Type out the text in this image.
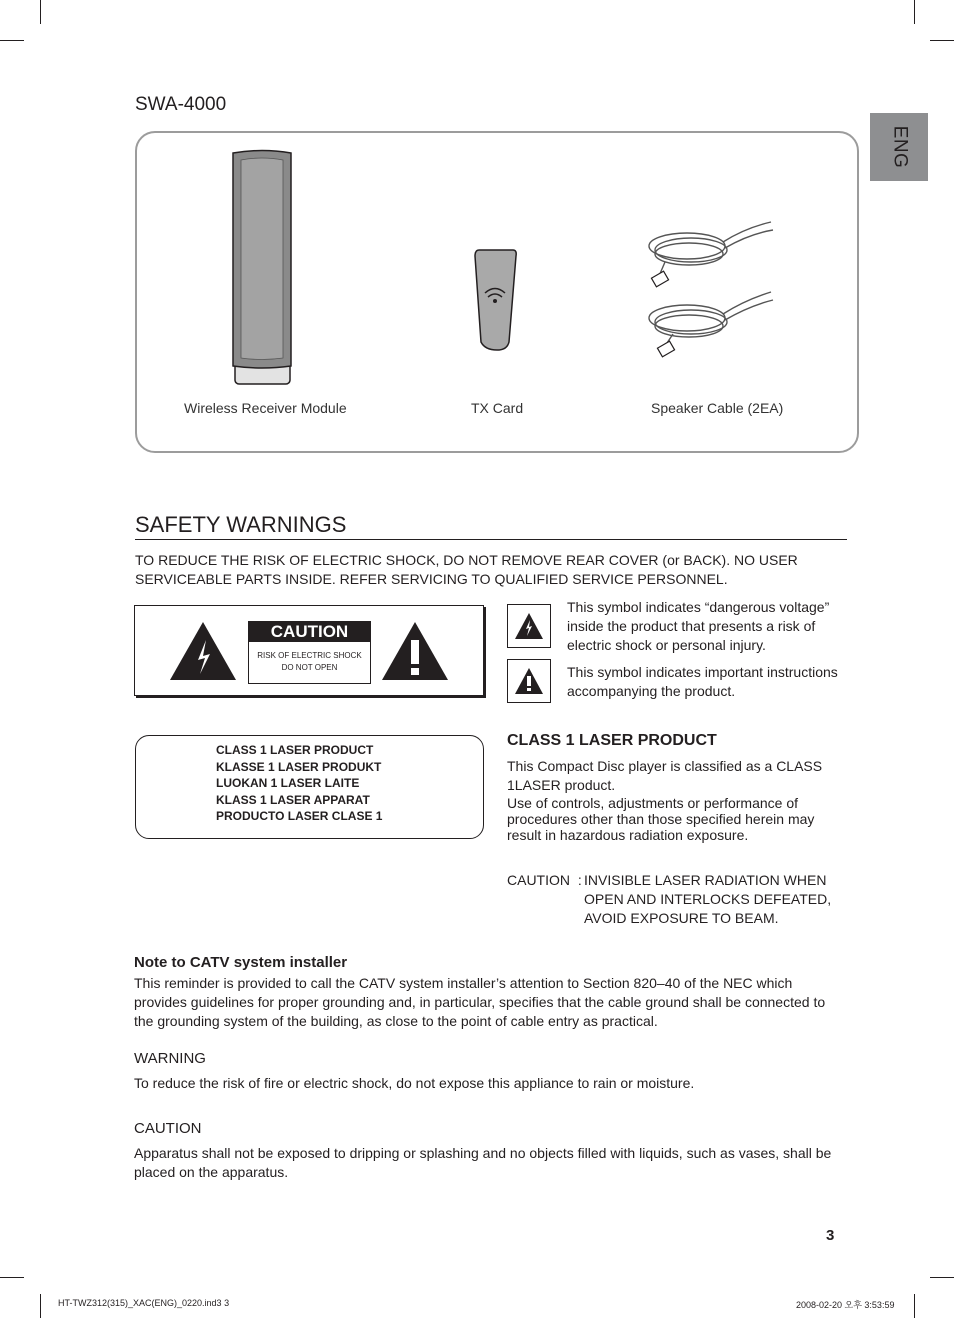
ENG
SWA-4000
Wireless Receiver Module	TX Card	Speaker Cable (2EA)
SAFETY WARNINGS
TO REDUCE THE RISK OF ELECTRIC SHOCK, DO NOT REMOVE REAR COVER (or BACK). NO USER
SERVICEABLE PARTS INSIDE. REFER SERVICING TO QUALIFIED SERVICE PERSONNEL.
CAUTION
RISK OF ELECTRIC SHOCK
DO NOT OPEN
This symbol indicates “dangerous voltage”
inside the product that presents a risk of
electric shock or personal injury.
This symbol indicates important instructions
accompanying the product.
CLASS 1 LASER PRODUCT
KLASSE 1 LASER PRODUKT
LUOKAN 1 LASER LAITE
KLASS 1 LASER APPARAT
PRODUCTO LASER CLASE 1
CLASS 1 LASER PRODUCT
This Compact Disc player is classified as a CLASS
1LASER product.
Use of controls, adjustments or performance of
procedures other than those specified herein may
result in hazardous radiation exposure.
CAUTION : INVISIBLE LASER RADIATION WHEN
OPEN AND INTERLOCKS DEFEATED,
AVOID EXPOSURE TO BEAM.
Note to CATV system installer
This reminder is provided to call the CATV system installer’s attention to Section 820–40 of the NEC which
provides guidelines for proper grounding and, in particular, specifies that the cable ground shall be connected to
the grounding system of the building, as close to the point of cable entry as practical.
WARNING
To reduce the risk of fire or electric shock, do not expose this appliance to rain or moisture.
CAUTION
Apparatus shall not be exposed to dripping or splashing and no objects filled with liquids, such as vases, shall be
placed on the apparatus.
3
HT-TWZ312(315)_XAC(ENG)_0220.ind3 3	2008-02-20 오후 3:53:59
